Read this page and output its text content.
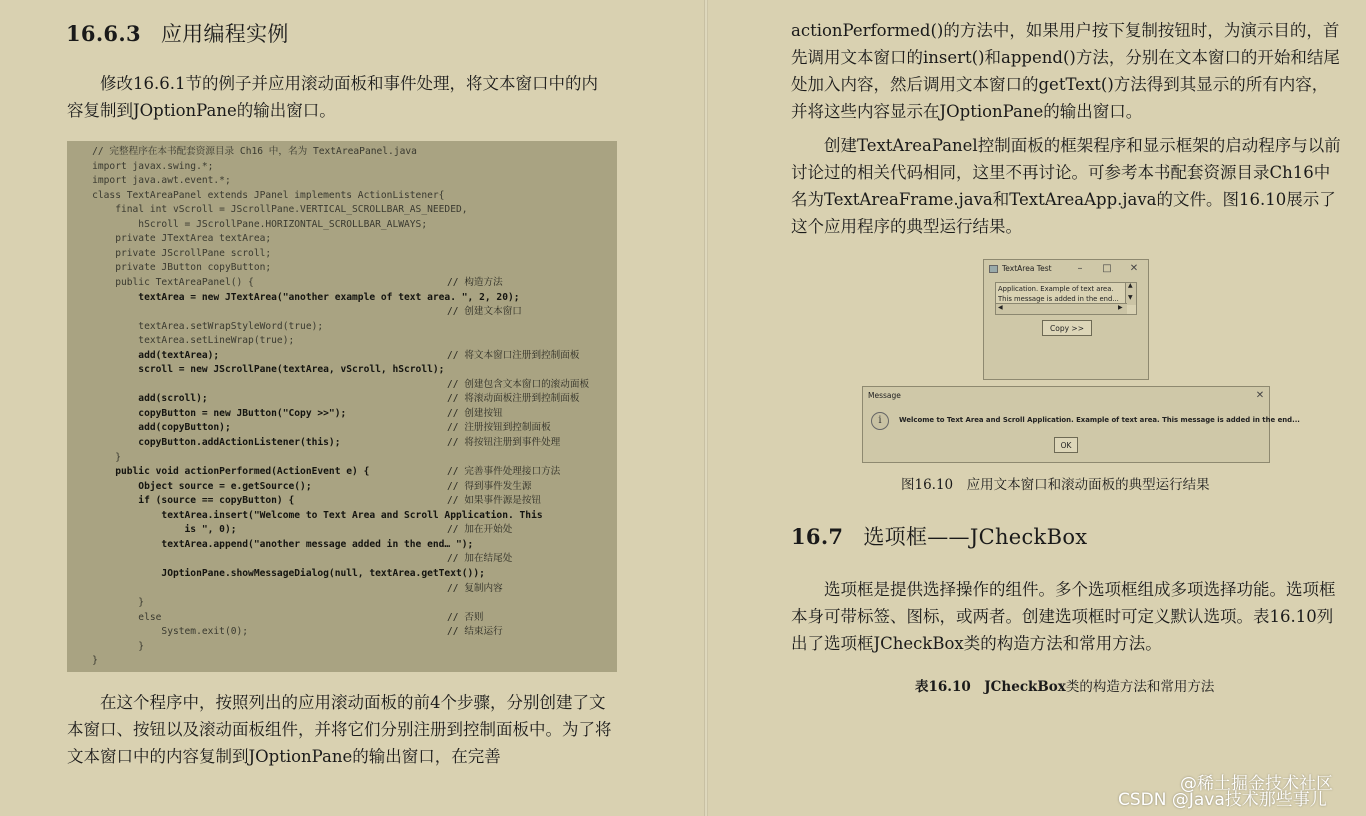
16.6.3 应用编程实例
修改16.6.1节的例子并应用滚动面板和事件处理，将文本窗口中的内容复制到JOptionPane的输出窗口。
// 完整程序在本书配套资源目录 Ch16 中，名为 TextAreaPanel.java
import javax.swing.*;
import java.awt.event.*;
class TextAreaPanel extends JPanel implements ActionListener{
final int vScroll = JScrollPane.VERTICAL_SCROLLBAR_AS_NEEDED,
hScroll = JScrollPane.HORIZONTAL_SCROLLBAR_ALWAYS;
private JTextArea textArea;
private JScrollPane scroll;
private JButton copyButton;
public TextAreaPanel() {	// 构造方法
textArea = new JTextArea("another example of text area. ", 2, 20);
// 创建文本窗口
textArea.setWrapStyleWord(true);
textArea.setLineWrap(true);
add(textArea);	// 将文本窗口注册到控制面板
scroll = new JScrollPane(textArea, vScroll, hScroll);
// 创建包含文本窗口的滚动面板
add(scroll);	// 将滚动面板注册到控制面板
copyButton = new JButton("Copy >>");	// 创建按钮
add(copyButton);	// 注册按钮到控制面板
copyButton.addActionListener(this);	// 将按钮注册到事件处理
}
public void actionPerformed(ActionEvent e) {	// 完善事件处理接口方法
Object source = e.getSource();	// 得到事件发生源
if (source == copyButton) {	// 如果事件源是按钮
textArea.insert("Welcome to Text Area and Scroll Application. This
is ", 0);	// 加在开始处
textArea.append("another message added in the end… ");
// 加在结尾处
JOptionPane.showMessageDialog(null, textArea.getText());
// 复制内容
}
else	// 否则
System.exit(0);	// 结束运行
}
}
在这个程序中，按照列出的应用滚动面板的前4个步骤，分别创建了文本窗口、按钮以及滚动面板组件，并将它们分别注册到控制面板中。为了将文本窗口中的内容复制到JOptionPane的输出窗口，在完善
actionPerformed()的方法中，如果用户按下复制按钮时，为演示目的，首先调用文本窗口的insert()和append()方法，分别在文本窗口的开始和结尾处加入内容，然后调用文本窗口的getText()方法得到其显示的所有内容，并将这些内容显示在JOptionPane的输出窗口。
创建TextAreaPanel控制面板的框架程序和显示框架的启动程序与以前讨论过的相关代码相同，这里不再讨论。可参考本书配套资源目录Ch16中名为TextAreaFrame.java和TextAreaApp.java的文件。图16.10展示了这个应用程序的典型运行结果。
TextArea Test	–	□ ✕
Application. Example of text area.
This message is added in the end...
▲
▼
◀	▶
Copy >>
Message	✕
i	Welcome to Text Area and Scroll Application. Example of text area. This message is added in the end...
OK
图16.10　应用文本窗口和滚动面板的典型运行结果
16.7 选项框——JCheckBox
选项框是提供选择操作的组件。多个选项框组成多项选择功能。选项框本身可带标签、图标，或两者。创建选项框时可定义默认选项。表16.10列出了选项框JCheckBox类的构造方法和常用方法。
表16.10　 JCheckBox类的构造方法和常用方法
@稀土掘金技术社区
CSDN @Java技术那些事儿
